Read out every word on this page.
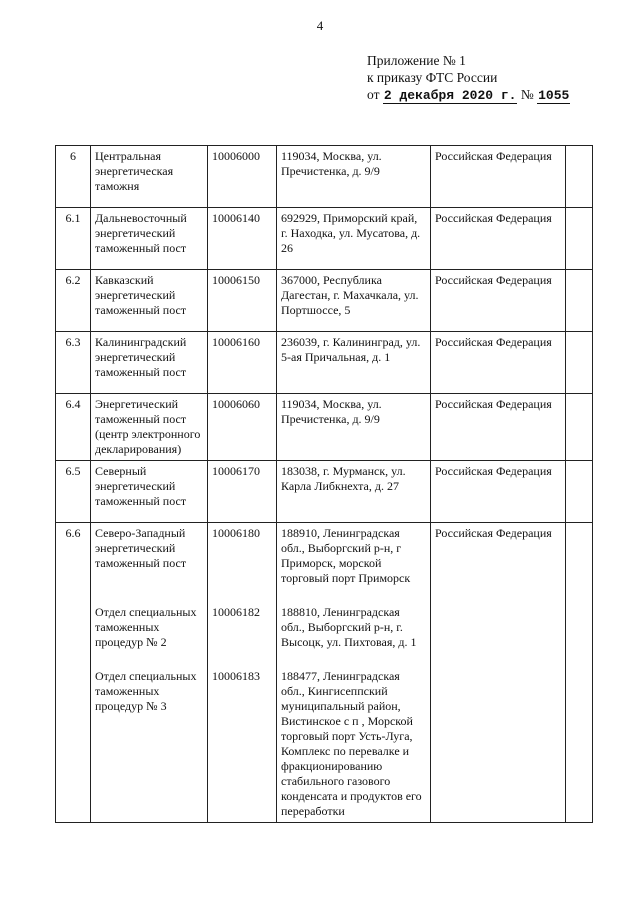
4
Приложение № 1
к приказу ФТС России
от 2 декабря 2020 г. № 1055
6	Центральная энергетическая таможня	10006000	119034, Москва, ул. Пречистенка, д. 9/9	Российская Федерация	

6.1	Дальневосточный энергетический таможенный пост	10006140	692929, Приморский край, г. Находка, ул. Мусатова, д. 26	Российская Федерация	

6.2	Кавказский энергетический таможенный пост	10006150	367000, Республика Дагестан, г. Махачкала, ул. Портшоссе, 5	Российская Федерация	

6.3	Калининградский энергетический таможенный пост	10006160	236039, г. Калининград, ул. 5-ая Причальная, д. 1	Российская Федерация	

6.4	Энергетический таможенный пост (центр электронного декларирования)	10006060	119034, Москва, ул. Пречистенка, д. 9/9	Российская Федерация	
6.5	Северный энергетический таможенный пост	10006170	183038, г. Мурманск, ул. Карла Либкнехта, д. 27	Российская Федерация	

6.6	Северо-Западный энергетический таможенный пост	10006180	188910, Ленинградская обл., Выборгский р-н, г Приморск, морской торговый порт Приморск	Российская Федерация	
	Отдел специальных таможенных процедур № 2	10006182	188810, Ленинградская обл., Выборгский р-н, г. Высоцк, ул. Пихтовая, д. 1		
	Отдел специальных таможенных процедур № 3	10006183	188477, Ленинградская обл., Кингисеппский муниципальный район, Вистинское с п , Морской торговый порт Усть-Луга, Комплекс по перевалке и фракционированию стабильного газового конденсата и продуктов его переработки		
